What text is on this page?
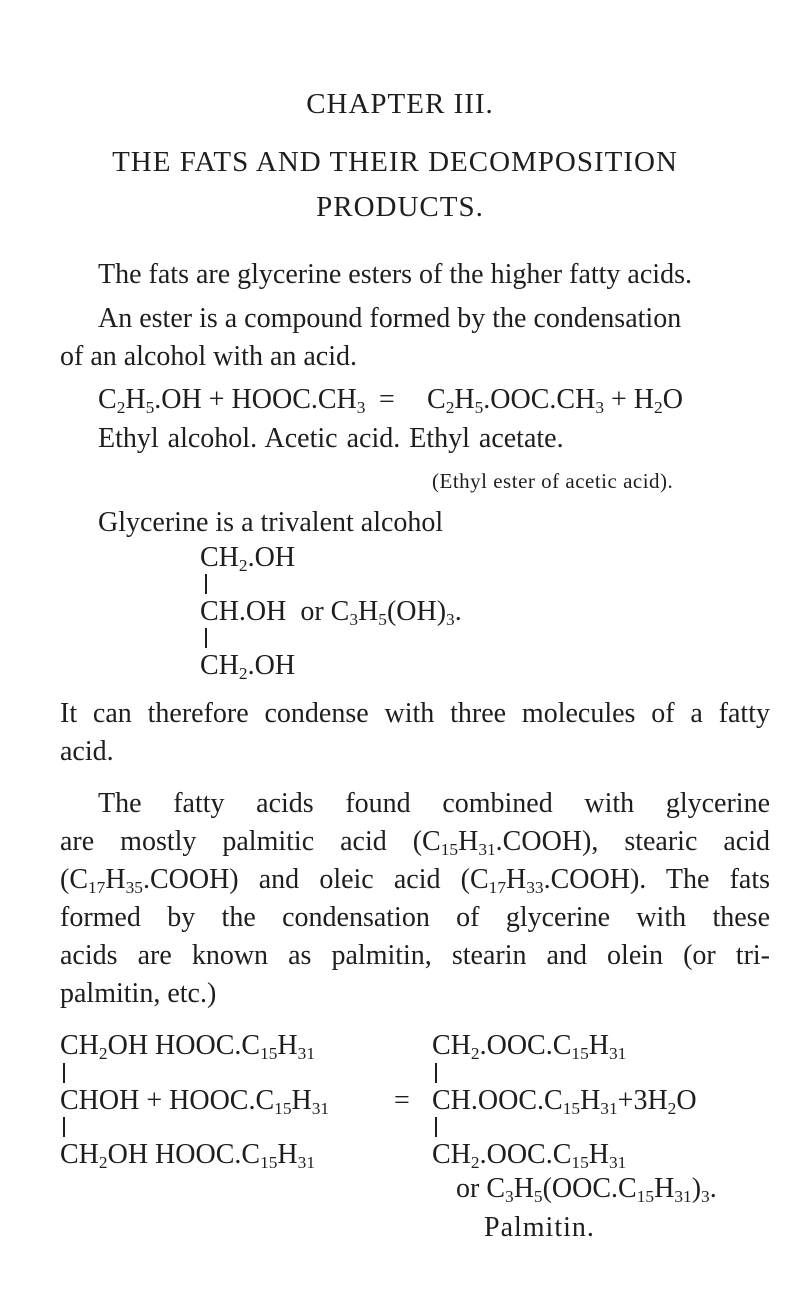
CHAPTER III.
THE FATS AND THEIR DECOMPOSITION
PRODUCTS.
The fats are glycerine esters of the higher fatty acids.
An ester is a compound formed by the condensation
of an alcohol with an acid.
$C_2H_5.OH$ + $HOOC.CH_3 = C_2H_5.OOC.CH_3 + H_2O$
Ethyl alcohol. Acetic acid. Ethyl acetate.
(Ethyl ester of acetic acid).
Glycerine is a trivalent alcohol
$CH_2.OH$
CH.OH or $C_3H_5(OH)_3$.
$CH_2.OH$
It can therefore condense with three molecules of a fatty
acid.
The fatty acids found combined with glycerine
are mostly palmitic acid $(C_{15}H_{31}.COOH)$, stearic acid
$(C_{17}H_{35}.COOH)$ and oleic acid $(C_{17}H_{33}.COOH)$. The fats
formed by the condensation of glycerine with these
acids are known as palmitin, stearin and olein (or tri-
palmitin, etc.)
$CH_2OH$ $HOOC.C_{15}H_{31}$
CHOH + $HOOC.C_{15}H_{31}$
$CH_2OH$ $HOOC.C_{15}H_{31}$
=
$CH_2.OOC.C_{15}H_{31}$
$CH.OOC.C_{15}H_{31}+3H_2O$
$CH_2.OOC.C_{15}H_{31}$
or $C_3H_5(OOC.C_{15}H_{31})_3$.
Palmitin.
